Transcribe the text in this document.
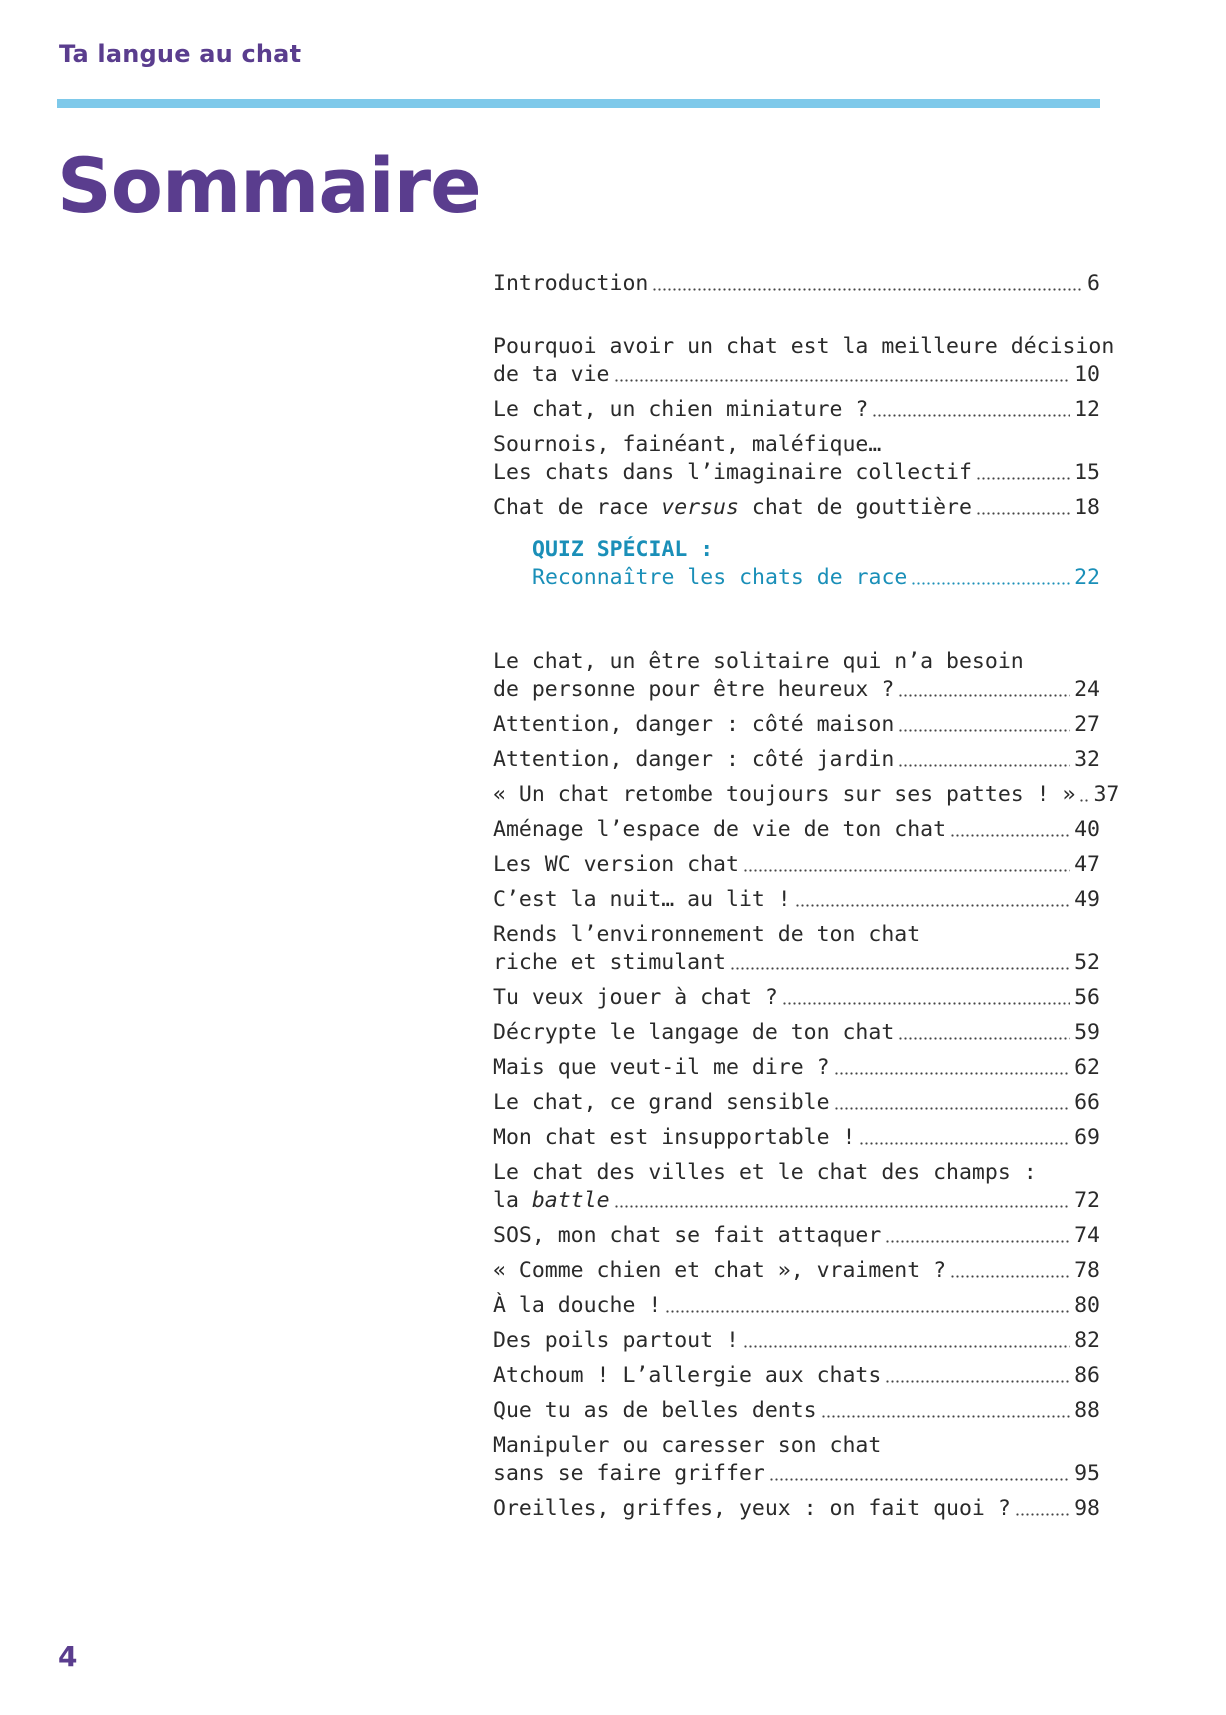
Ta langue au chat
Sommaire
Introduction	6
Pourquoi avoir un chat est la meilleure décision
de ta vie	10
Le chat, un chien miniature ?	12
Sournois, fainéant, maléfique…
Les chats dans l’imaginaire collectif	15
Chat de race versus chat de gouttière	18
QUIZ SPÉCIAL :
Reconnaître les chats de race	22
Le chat, un être solitaire qui n’a besoin
de personne pour être heureux ?	24
Attention, danger : côté maison	27
Attention, danger : côté jardin	32
« Un chat retombe toujours sur ses pattes ! » 37
Aménage l’espace de vie de ton chat	40
Les WC version chat	47
C’est la nuit… au lit !	49
Rends l’environnement de ton chat
riche et stimulant	52
Tu veux jouer à chat ?	56
Décrypte le langage de ton chat	59
Mais que veut-il me dire ?	62
Le chat, ce grand sensible	66
Mon chat est insupportable !	69
Le chat des villes et le chat des champs :
la battle	72
SOS, mon chat se fait attaquer	74
« Comme chien et chat », vraiment ?	78
À la douche !	80
Des poils partout !	82
Atchoum ! L’allergie aux chats	86
Que tu as de belles dents	88
Manipuler ou caresser son chat
sans se faire griffer	95
Oreilles, griffes, yeux : on fait quoi ?	98
4
